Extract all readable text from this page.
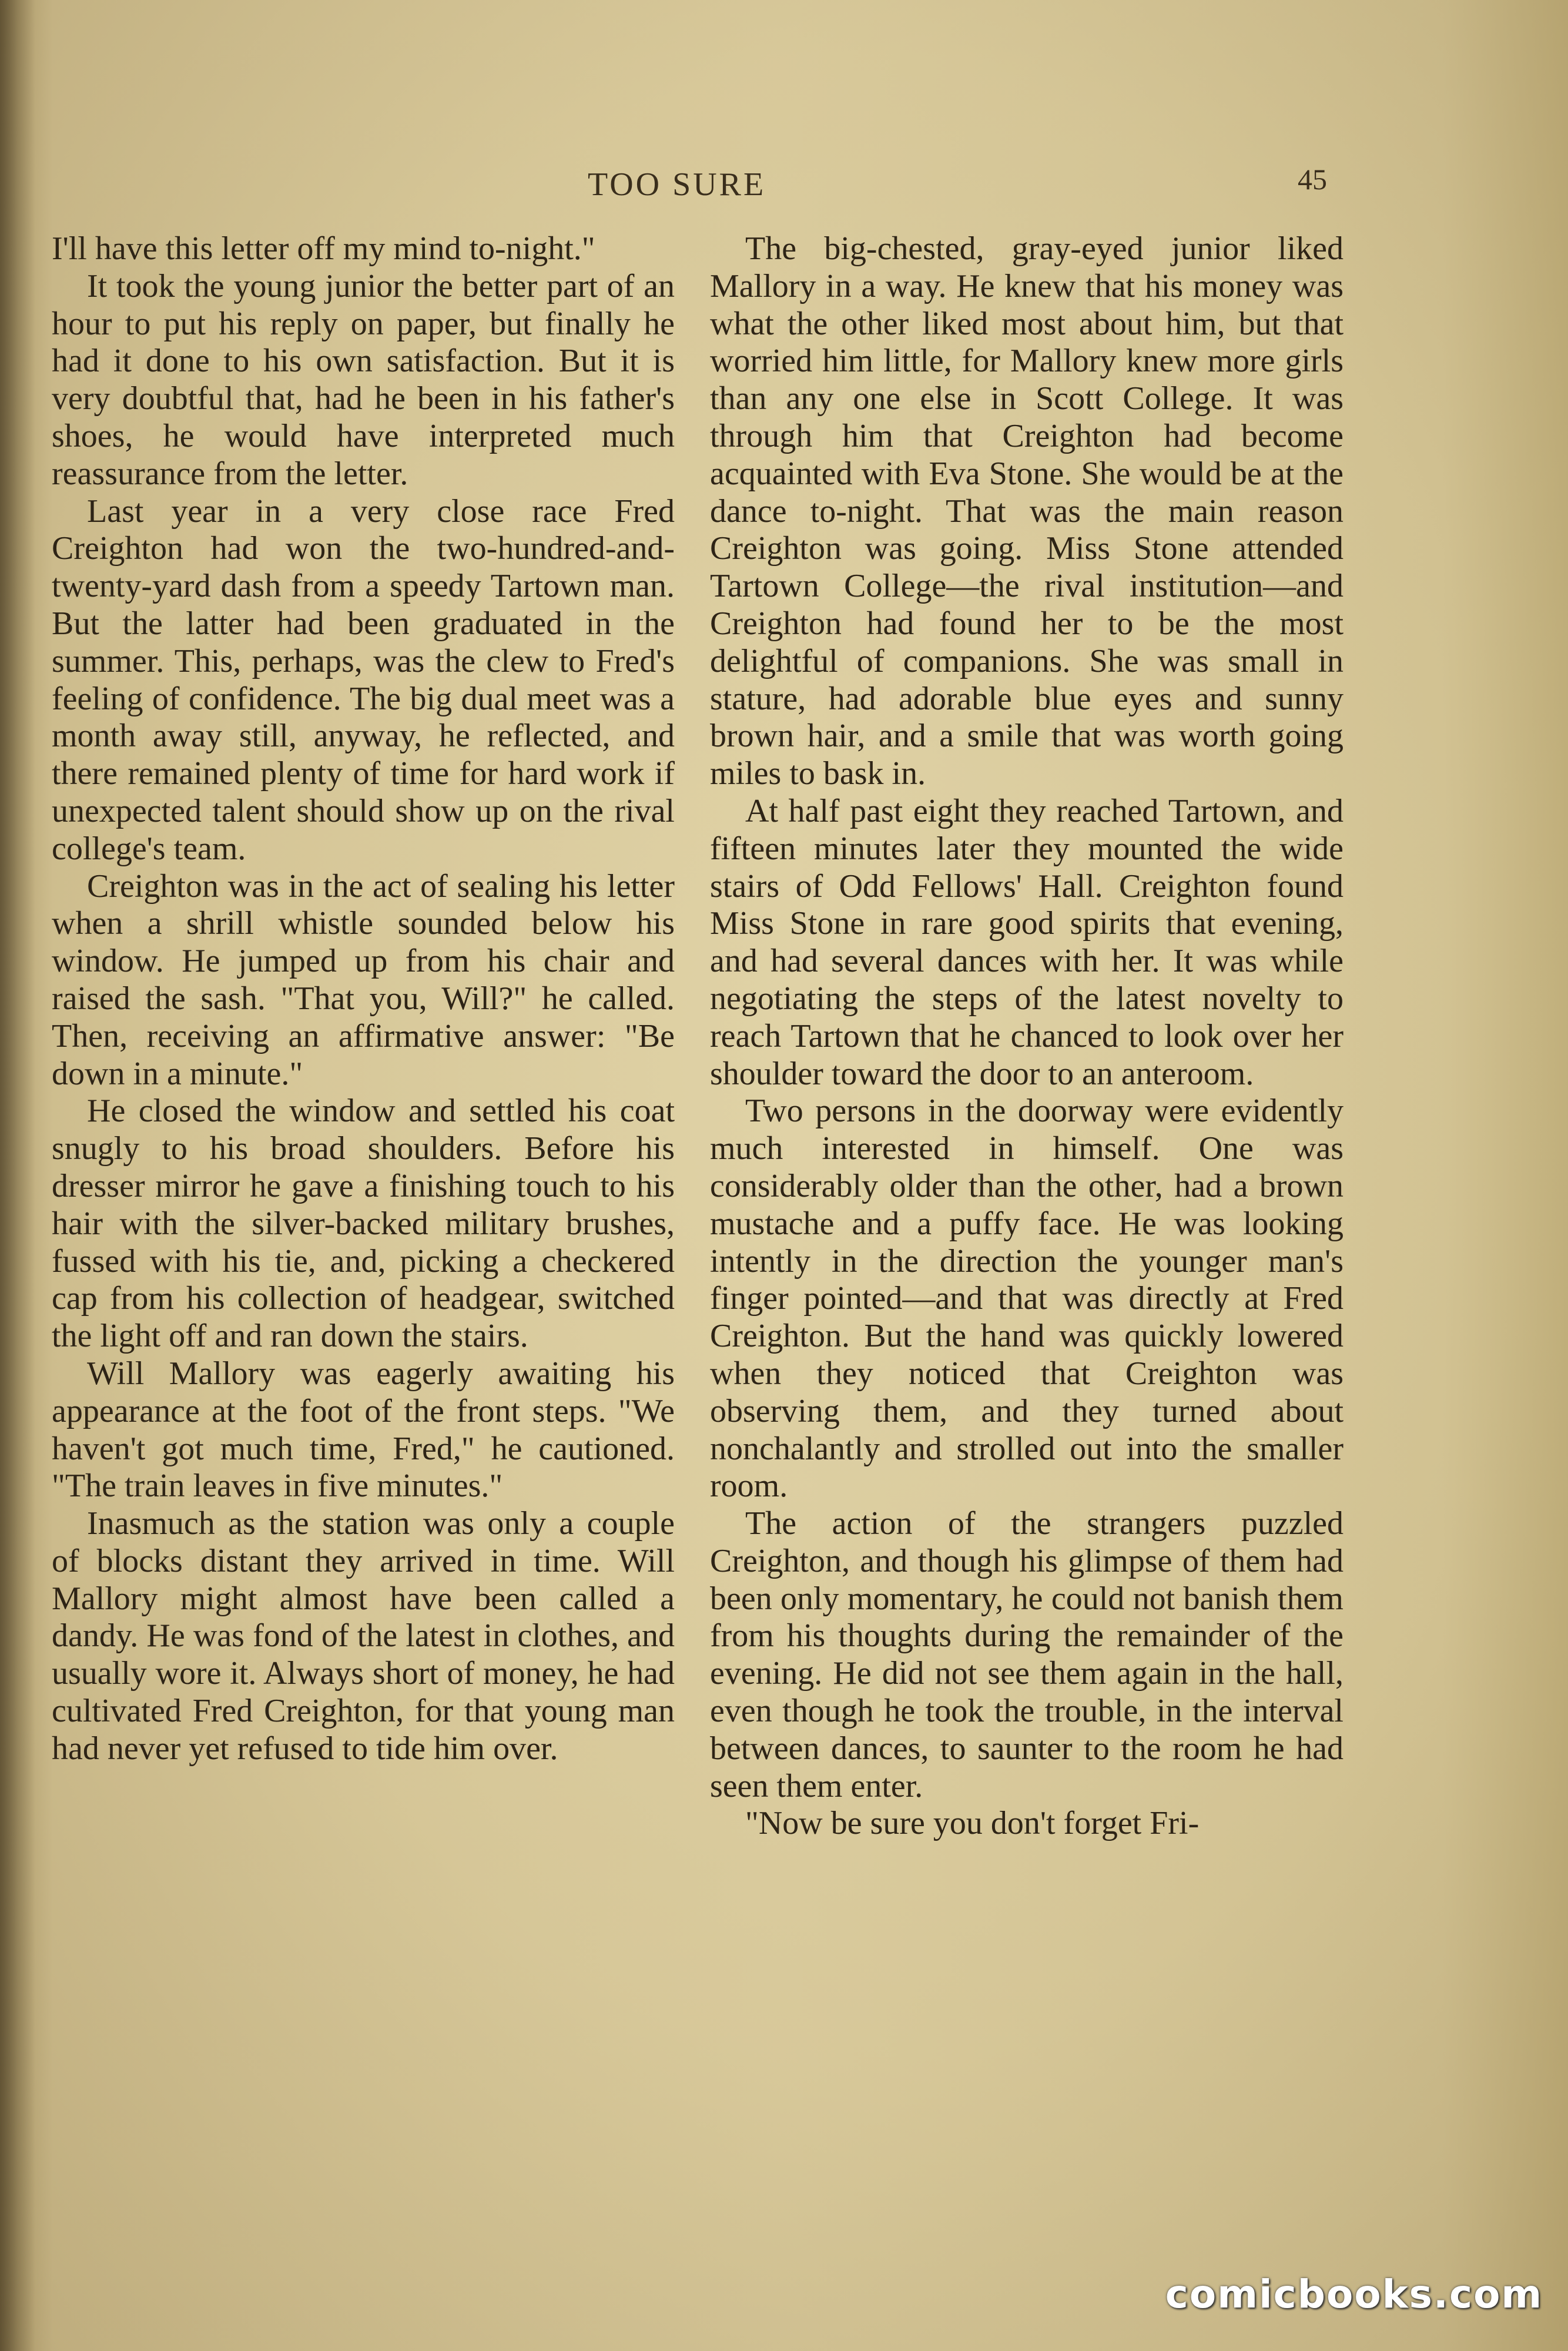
TOO SURE	45

I'll have this letter off my mind to-night."

It took the young junior the better part of an hour to put his reply on paper, but finally he had it done to his own satisfaction. But it is very doubtful that, had he been in his father's shoes, he would have interpreted much reassurance from the letter.

Last year in a very close race Fred Creighton had won the two-hundred-and-twenty-yard dash from a speedy Tartown man. But the latter had been graduated in the summer. This, perhaps, was the clew to Fred's feeling of confidence. The big dual meet was a month away still, anyway, he reflected, and there remained plenty of time for hard work if unexpected talent should show up on the rival college's team.

Creighton was in the act of sealing his letter when a shrill whistle sounded below his window. He jumped up from his chair and raised the sash. "That you, Will?" he called. Then, receiving an affirmative answer: "Be down in a minute."

He closed the window and settled his coat snugly to his broad shoulders. Before his dresser mirror he gave a finishing touch to his hair with the silver-backed military brushes, fussed with his tie, and, picking a checkered cap from his collection of headgear, switched the light off and ran down the stairs.

Will Mallory was eagerly awaiting his appearance at the foot of the front steps. "We haven't got much time, Fred," he cautioned. "The train leaves in five minutes."

Inasmuch as the station was only a couple of blocks distant they arrived in time. Will Mallory might almost have been called a dandy. He was fond of the latest in clothes, and usually wore it. Always short of money, he had cultivated Fred Creighton, for that young man had never yet refused to tide him over.

The big-chested, gray-eyed junior liked Mallory in a way. He knew that his money was what the other liked most about him, but that worried him little, for Mallory knew more girls than any one else in Scott College. It was through him that Creighton had become acquainted with Eva Stone. She would be at the dance to-night. That was the main reason Creighton was going. Miss Stone attended Tartown College—the rival institution—and Creighton had found her to be the most delightful of companions. She was small in stature, had adorable blue eyes and sunny brown hair, and a smile that was worth going miles to bask in.

At half past eight they reached Tartown, and fifteen minutes later they mounted the wide stairs of Odd Fellows' Hall. Creighton found Miss Stone in rare good spirits that evening, and had several dances with her. It was while negotiating the steps of the latest novelty to reach Tartown that he chanced to look over her shoulder toward the door to an anteroom.

Two persons in the doorway were evidently much interested in himself. One was considerably older than the other, had a brown mustache and a puffy face. He was looking intently in the direction the younger man's finger pointed—and that was directly at Fred Creighton. But the hand was quickly lowered when they noticed that Creighton was observing them, and they turned about nonchalantly and strolled out into the smaller room.

The action of the strangers puzzled Creighton, and though his glimpse of them had been only momentary, he could not banish them from his thoughts during the remainder of the evening. He did not see them again in the hall, even though he took the trouble, in the interval between dances, to saunter to the room he had seen them enter.

"Now be sure you don't forget Fri-

comicbooks.com
